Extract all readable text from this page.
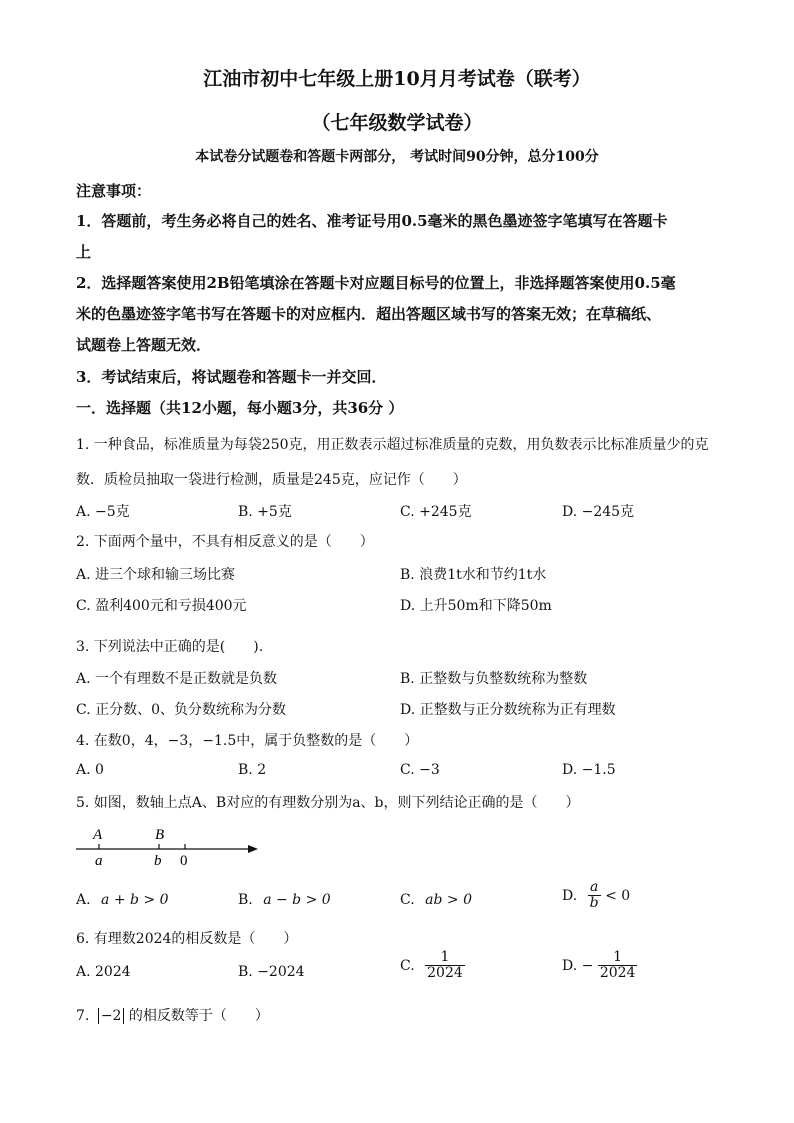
江油市初中七年级上册10月月考试卷（联考）
（七年级数学试卷）
本试卷分试题卷和答题卡两部分， 考试时间90分钟，总分100分
注意事项：
1．答题前，考生务必将自己的姓名、准考证号用0.5毫米的黑色墨迹签字笔填写在答题卡
上
2．选择题答案使用2B铅笔填涂在答题卡对应题目标号的位置上，非选择题答案使用0.5毫
米的色墨迹签字笔书写在答题卡的对应框内．超出答题区域书写的答案无效；在草稿纸、
试题卷上答题无效．
3．考试结束后，将试题卷和答题卡一并交回．
一．选择题（共12小题，每小题3分，共36分 ）
1. 一种食品，标准质量为每袋250克，用正数表示超过标准质量的克数，用负数表示比标准质量少的克
数．质检员抽取一袋进行检测，质量是245克，应记作（　　）
A. −5克	B. +5克	C. +245克	D. −245克
2. 下面两个量中，不具有相反意义的是（　　）
A. 进三个球和输三场比赛	B. 浪费1t水和节约1t水
C. 盈利400元和亏损400元	D. 上升50m和下降50m
3. 下列说法中正确的是(　　).
A. 一个有理数不是正数就是负数	B. 正整数与负整数统称为整数
C. 正分数、0、负分数统称为分数	D. 正整数与正分数统称为正有理数
4. 在数0，4，−3，−1.5中，属于负整数的是（　　）
A. 0	B. 2	C. −3	D. −1.5
5. 如图，数轴上点A、B对应的有理数分别为a、b，则下列结论正确的是（　　）
A	B
a	b 0
A. a + b > 0	B. a − b > 0	C. ab > 0	D. $\frac{a}{b} < 0$
6. 有理数2024的相反数是（　　）
A. 2024	B. −2024	C. $\frac{1}{2024}$	D. − $\frac{1}{2024}$
7. −2 的相反数等于（　　）
